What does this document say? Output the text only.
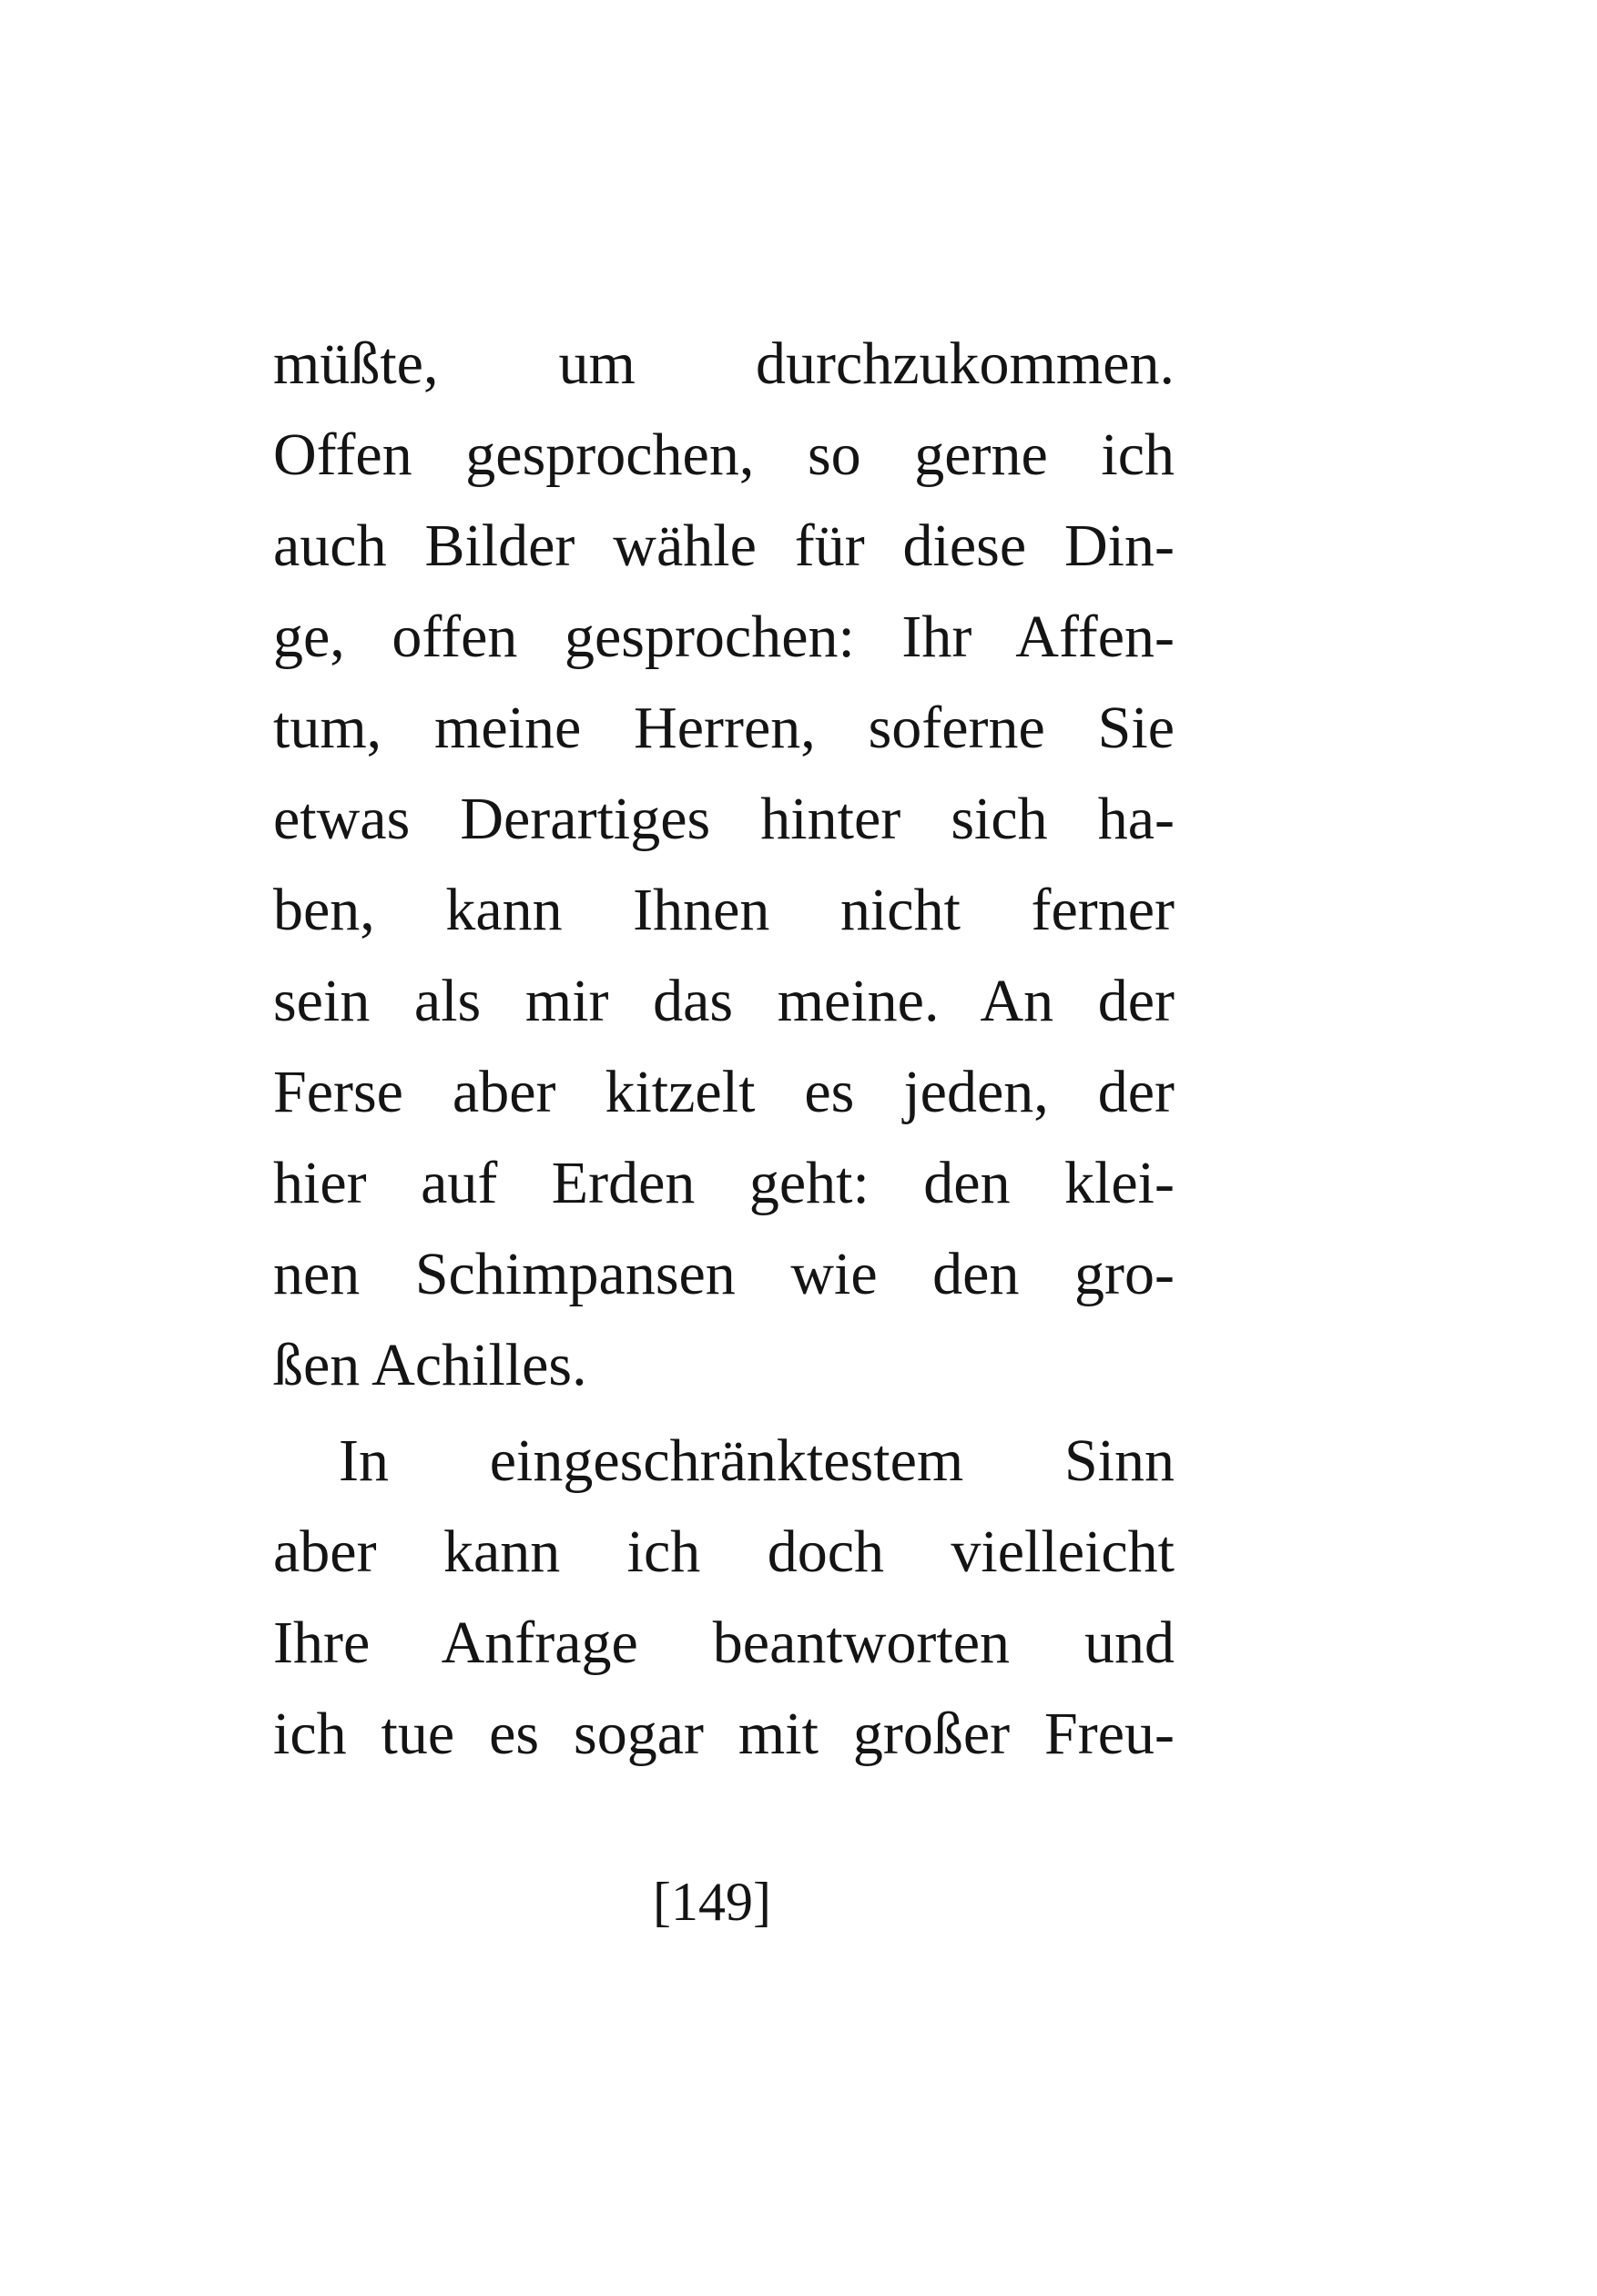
müßte, um durchzukommen.
Offen gesprochen, so gerne ich
auch Bilder wähle für diese Din-
ge, offen gesprochen: Ihr Affen-
tum, meine Herren, soferne Sie
etwas Derartiges hinter sich ha-
ben, kann Ihnen nicht ferner
sein als mir das meine. An der
Ferse aber kitzelt es jeden, der
hier auf Erden geht: den klei-
nen Schimpansen wie den gro-
ßen Achilles.
In eingeschränktestem Sinn
aber kann ich doch vielleicht
Ihre Anfrage beantworten und
ich tue es sogar mit großer Freu-
[149]
